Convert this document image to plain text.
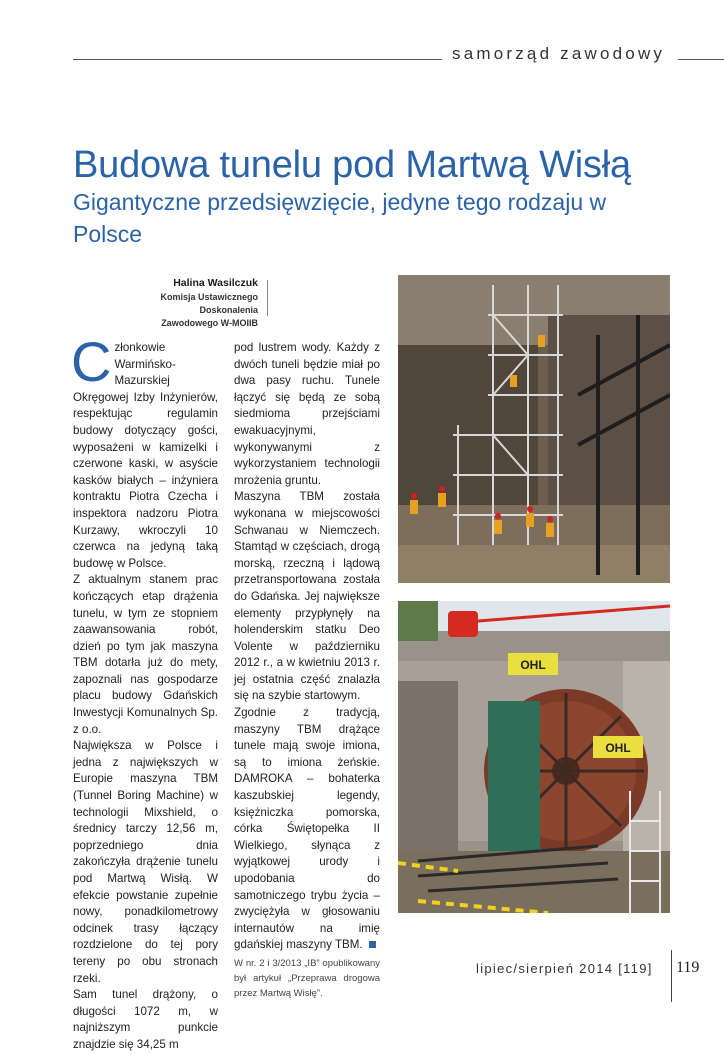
samorząd zawodowy
Budowa tunelu pod Martwą Wisłą
Gigantyczne przedsięwzięcie, jedyne tego rodzaju w Polsce
Halina Wasilczuk
Komisja Ustawicznego Doskonalenia
Zawodowego W-MOIIB

Członkowie Warmińsko-Mazurskiej Okręgowej Izby Inżynierów, respektując regulamin budowy dotyczący gości, wyposażeni w kamizelki i czerwone kaski, w asyście kasków białych – inżyniera kontraktu Piotra Czecha i inspektora nadzoru Piotra Kurzawy, wkroczyli 10 czerwca na jedyną taką budowę w Polsce.

Z aktualnym stanem prac kończących etap drążenia tunelu, w tym ze stopniem zaawansowania robót, dzień po tym jak maszyna TBM dotarła już do mety, zapoznali nas gospodarze placu budowy Gdańskich Inwestycji Komunalnych Sp. z o.o.

Największa w Polsce i jedna z największych w Europie maszyna TBM (Tunnel Boring Machine) w technologii Mixshield, o średnicy tarczy 12,56 m, poprzedniego dnia zakończyła drążenie tunelu pod Martwą Wisłą. W efekcie powstanie zupełnie nowy, ponadkilometrowy odcinek trasy łączący rozdzielone do tej pory tereny po obu stronach rzeki.

Sam tunel drążony, o długości 1072 m, w najniższym punkcie znajdzie się 34,25 m

pod lustrem wody. Każdy z dwóch tuneli będzie miał po dwa pasy ruchu. Tunele łączyć się będą ze sobą siedmioma przejściami ewakuacyjnymi, wykonywanymi z wykorzystaniem technologii mrożenia gruntu.

Maszyna TBM została wykonana w miejscowości Schwanau w Niemczech. Stamtąd w częściach, drogą morską, rzeczną i lądową przetransportowana została do Gdańska. Jej największe elementy przypłynęły na holenderskim statku Deo Volente w październiku 2012 r., a w kwietniu 2013 r. jej ostatnia część znalazła się na szybie startowym.

Zgodnie z tradycją, maszyny TBM drążące tunele mają swoje imiona, są to imiona żeńskie. DAMROKA – bohaterka kaszubskiej legendy, księżniczka pomorska, córka Świętopełka II Wielkiego, słynąca z wyjątkowej urody i upodobania do samotniczego trybu życia – zwyciężyła w głosowaniu internautów na imię gdańskiej maszyny TBM.

W nr. 2 i 3/2013 „IB” opublikowany był artykuł „Przeprawa drogowa przez Martwą Wisłę”.

OHL
OHL
lipiec/sierpień 2014 [119] 119
